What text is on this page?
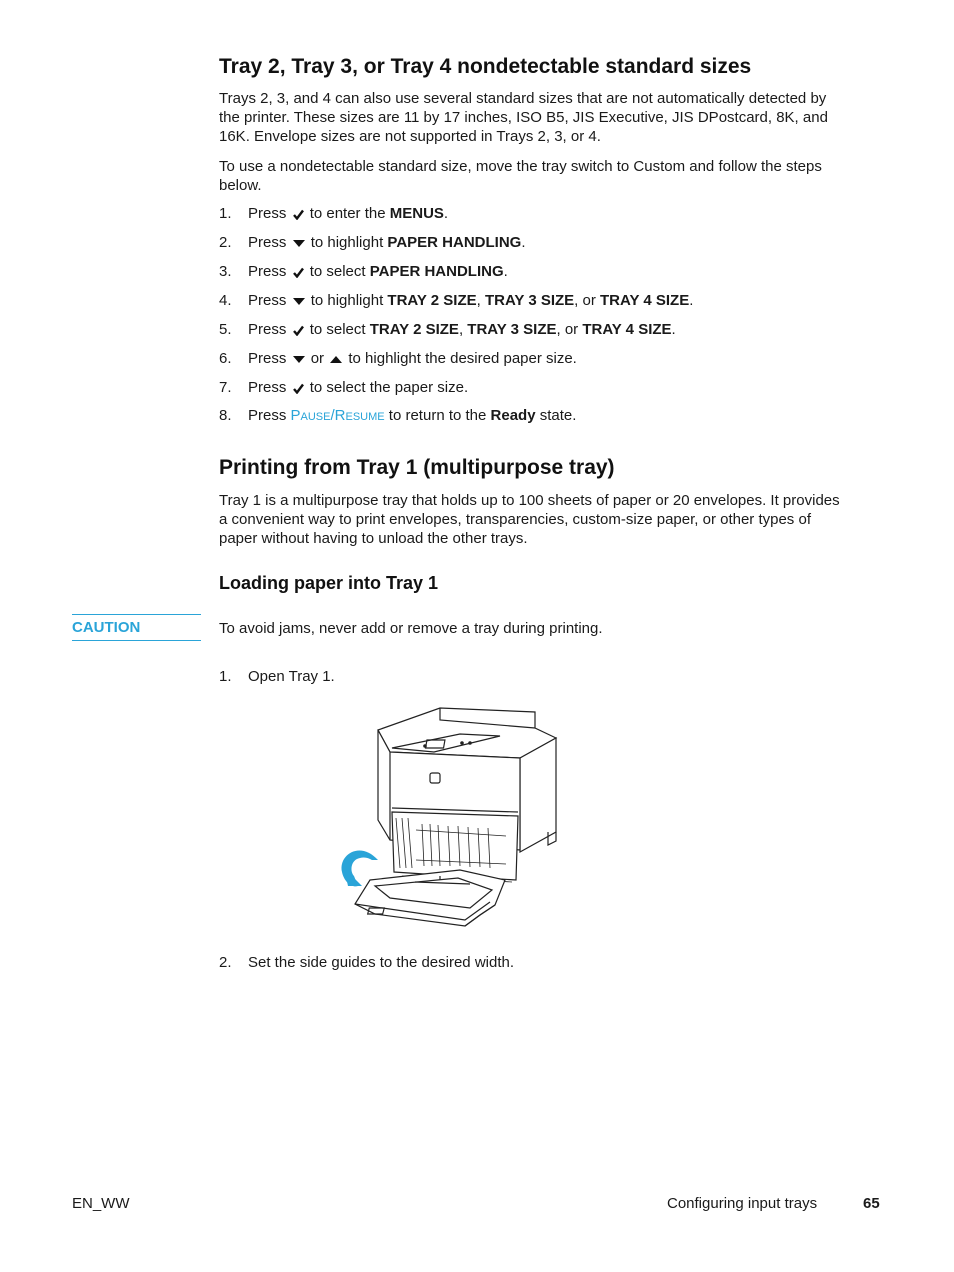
Tray 2, Tray 3, or Tray 4 nondetectable standard sizes

Trays 2, 3, and 4 can also use several standard sizes that are not automatically detected by

the printer. These sizes are 11 by 17 inches, ISO B5, JIS Executive, JIS DPostcard, 8K, and

16K. Envelope sizes are not supported in Trays 2, 3, or 4.

To use a nondetectable standard size, move the tray switch to Custom and follow the steps

below.

1. Press to enter the MENUS.
2. Press to highlight PAPER HANDLING.
3. Press to select PAPER HANDLING.
4. Press to highlight TRAY 2 SIZE, TRAY 3 SIZE, or TRAY 4 SIZE.
5. Press to select TRAY 2 SIZE, TRAY 3 SIZE, or TRAY 4 SIZE.
6. Press or to highlight the desired paper size.
7. Press to select the paper size.
8. Press PAUSE/RESUME to return to the Ready state.
Printing from Tray 1 (multipurpose tray)

Tray 1 is a multipurpose tray that holds up to 100 sheets of paper or 20 envelopes. It provides

a convenient way to print envelopes, transparencies, custom-size paper, or other types of

paper without having to unload the other trays.

Loading paper into Tray 1
CAUTION	To avoid jams, never add or remove a tray during printing.

1. Open Tray 1.
2. Set the side guides to the desired width.
EN_WW	Configuring input trays	65
